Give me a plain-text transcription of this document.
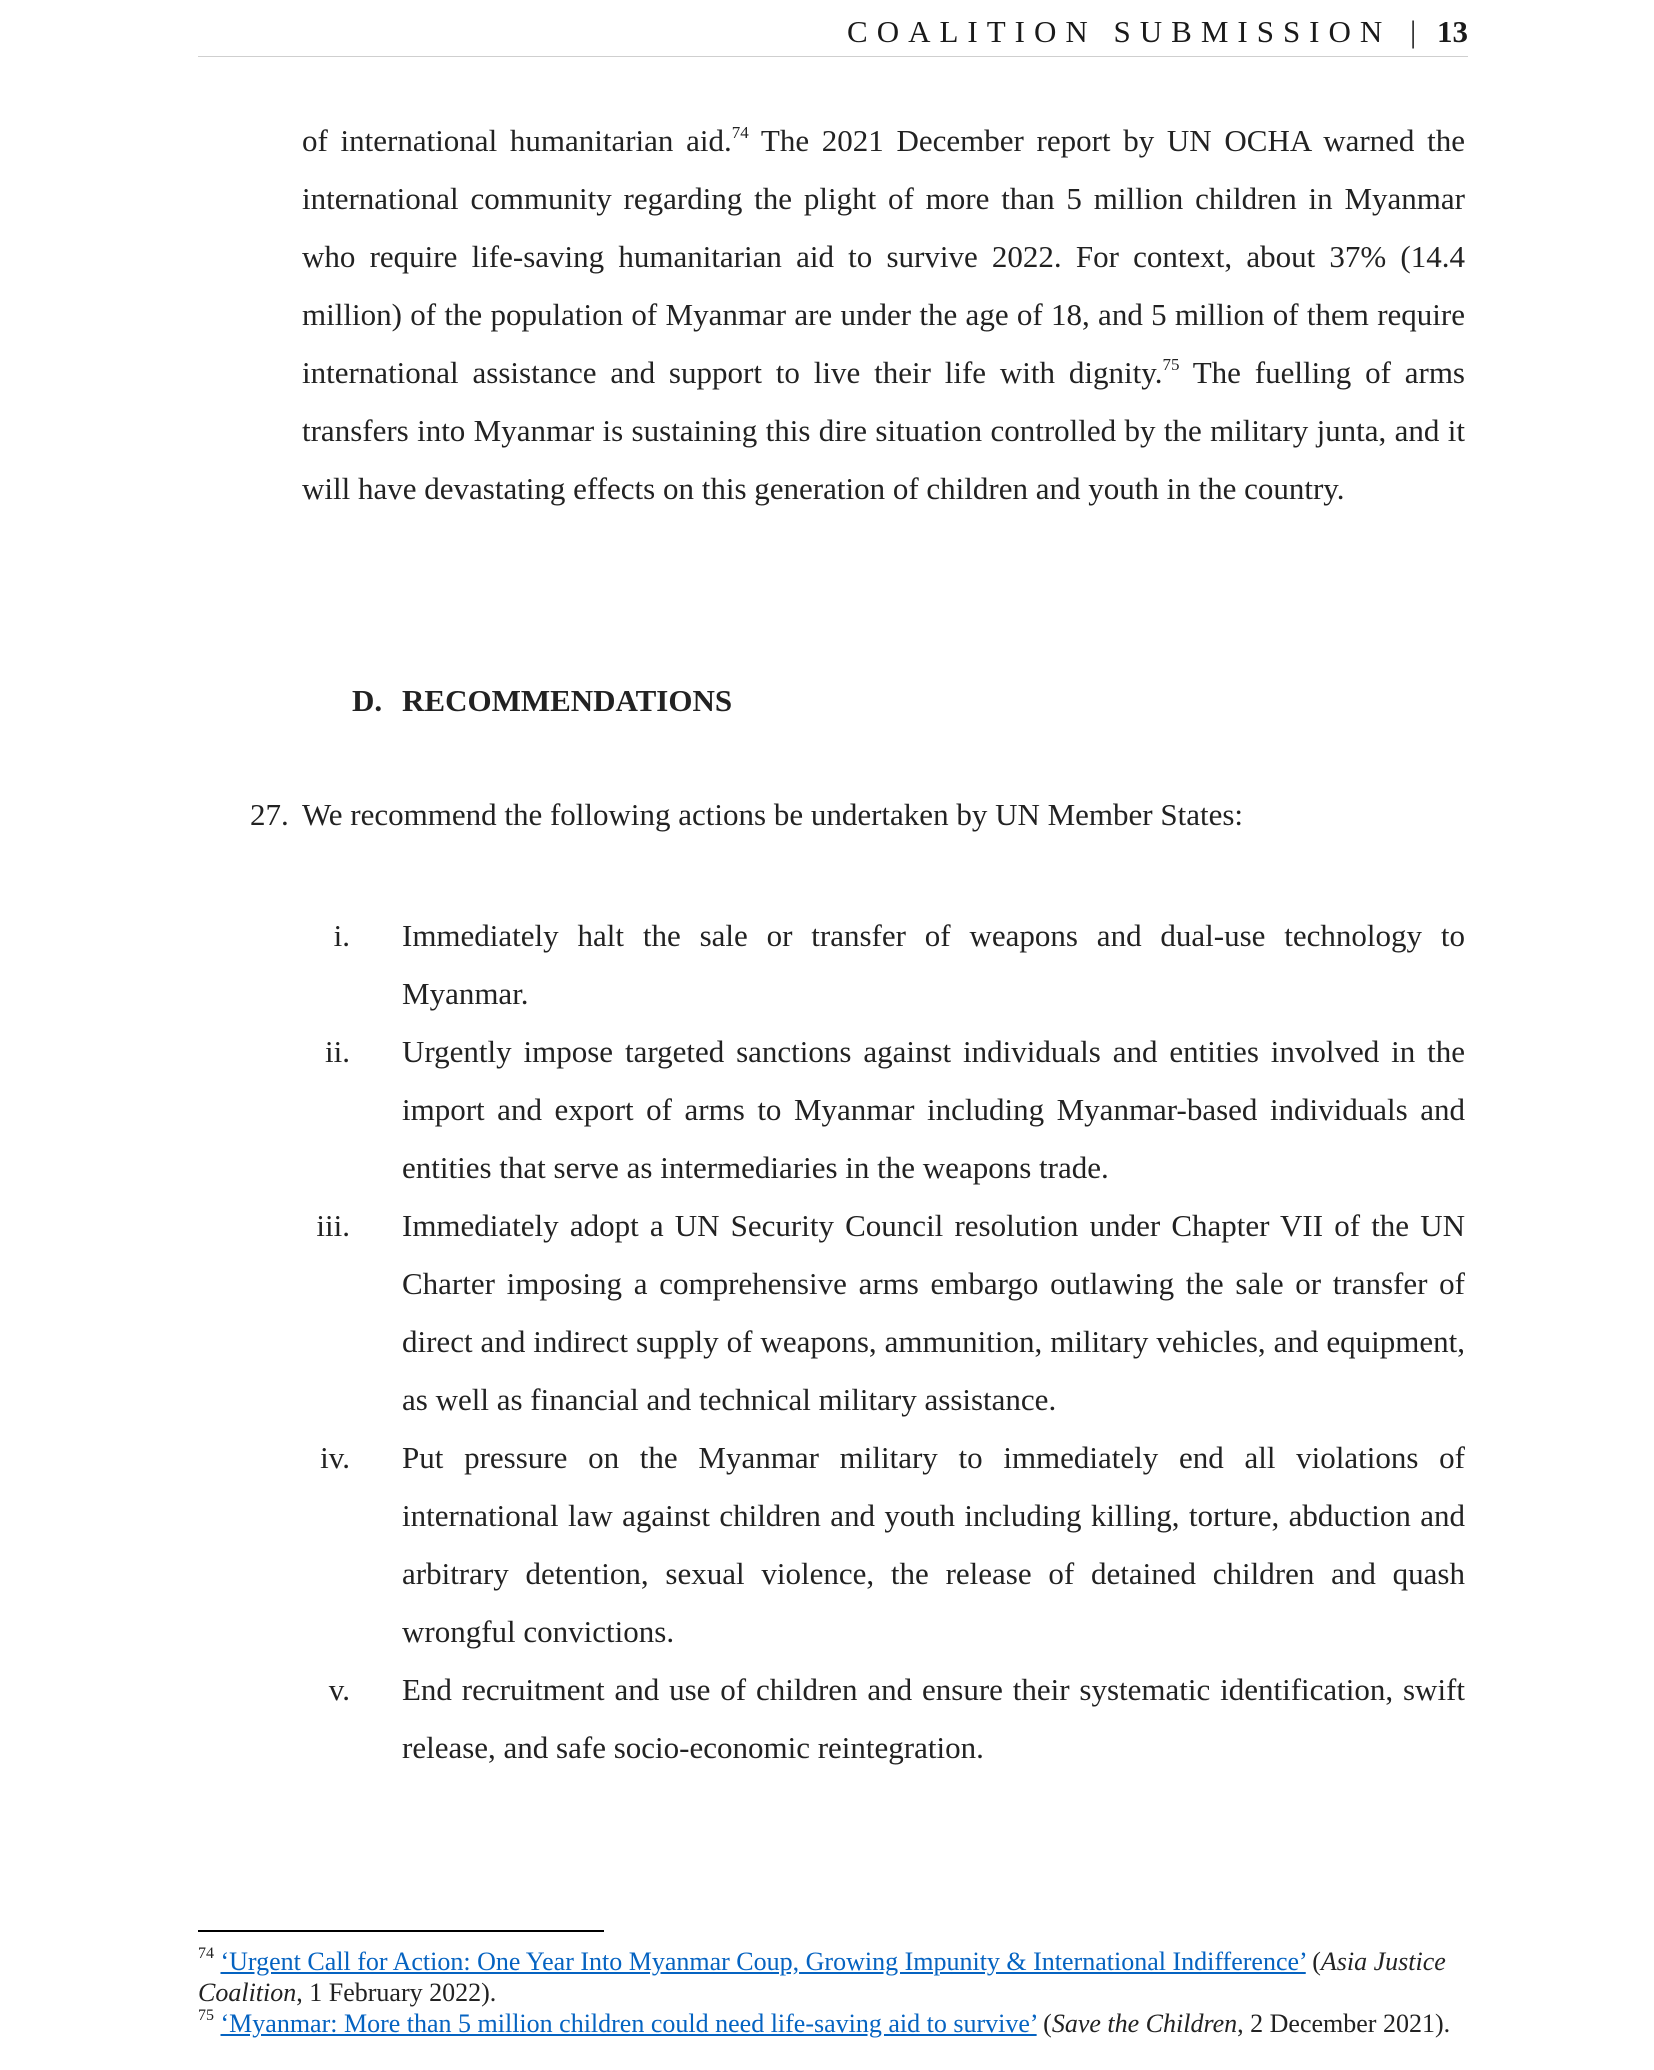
COALITION SUBMISSION | 13

of international humanitarian aid.$^{74}$ The 2021 December report by UN OCHA warned the international community regarding the plight of more than 5 million children in Myanmar who require life-saving humanitarian aid to survive 2022. For context, about 37% (14.4 million) of the population of Myanmar are under the age of 18, and 5 million of them require international assistance and support to live their life with dignity.$^{75}$ The fuelling of arms transfers into Myanmar is sustaining this dire situation controlled by the military junta, and it will have devastating effects on this generation of children and youth in the country.

D. RECOMMENDATIONS

27. We recommend the following actions be undertaken by UN Member States:

i. Immediately halt the sale or transfer of weapons and dual-use technology to Myanmar.
ii. Urgently impose targeted sanctions against individuals and entities involved in the import and export of arms to Myanmar including Myanmar-based individuals and entities that serve as intermediaries in the weapons trade.
iii. Immediately adopt a UN Security Council resolution under Chapter VII of the UN Charter imposing a comprehensive arms embargo outlawing the sale or transfer of direct and indirect supply of weapons, ammunition, military vehicles, and equipment, as well as financial and technical military assistance.
iv. Put pressure on the Myanmar military to immediately end all violations of international law against children and youth including killing, torture, abduction and arbitrary detention, sexual violence, the release of detained children and quash wrongful convictions.
v. End recruitment and use of children and ensure their systematic identification, swift release, and safe socio-economic reintegration.

$^{74}$ ‘Urgent Call for Action: One Year Into Myanmar Coup, Growing Impunity & International Indifference’ (Asia Justice Coalition, 1 February 2022).

$^{75}$ ‘Myanmar: More than 5 million children could need life-saving aid to survive’ (Save the Children, 2 December 2021).
